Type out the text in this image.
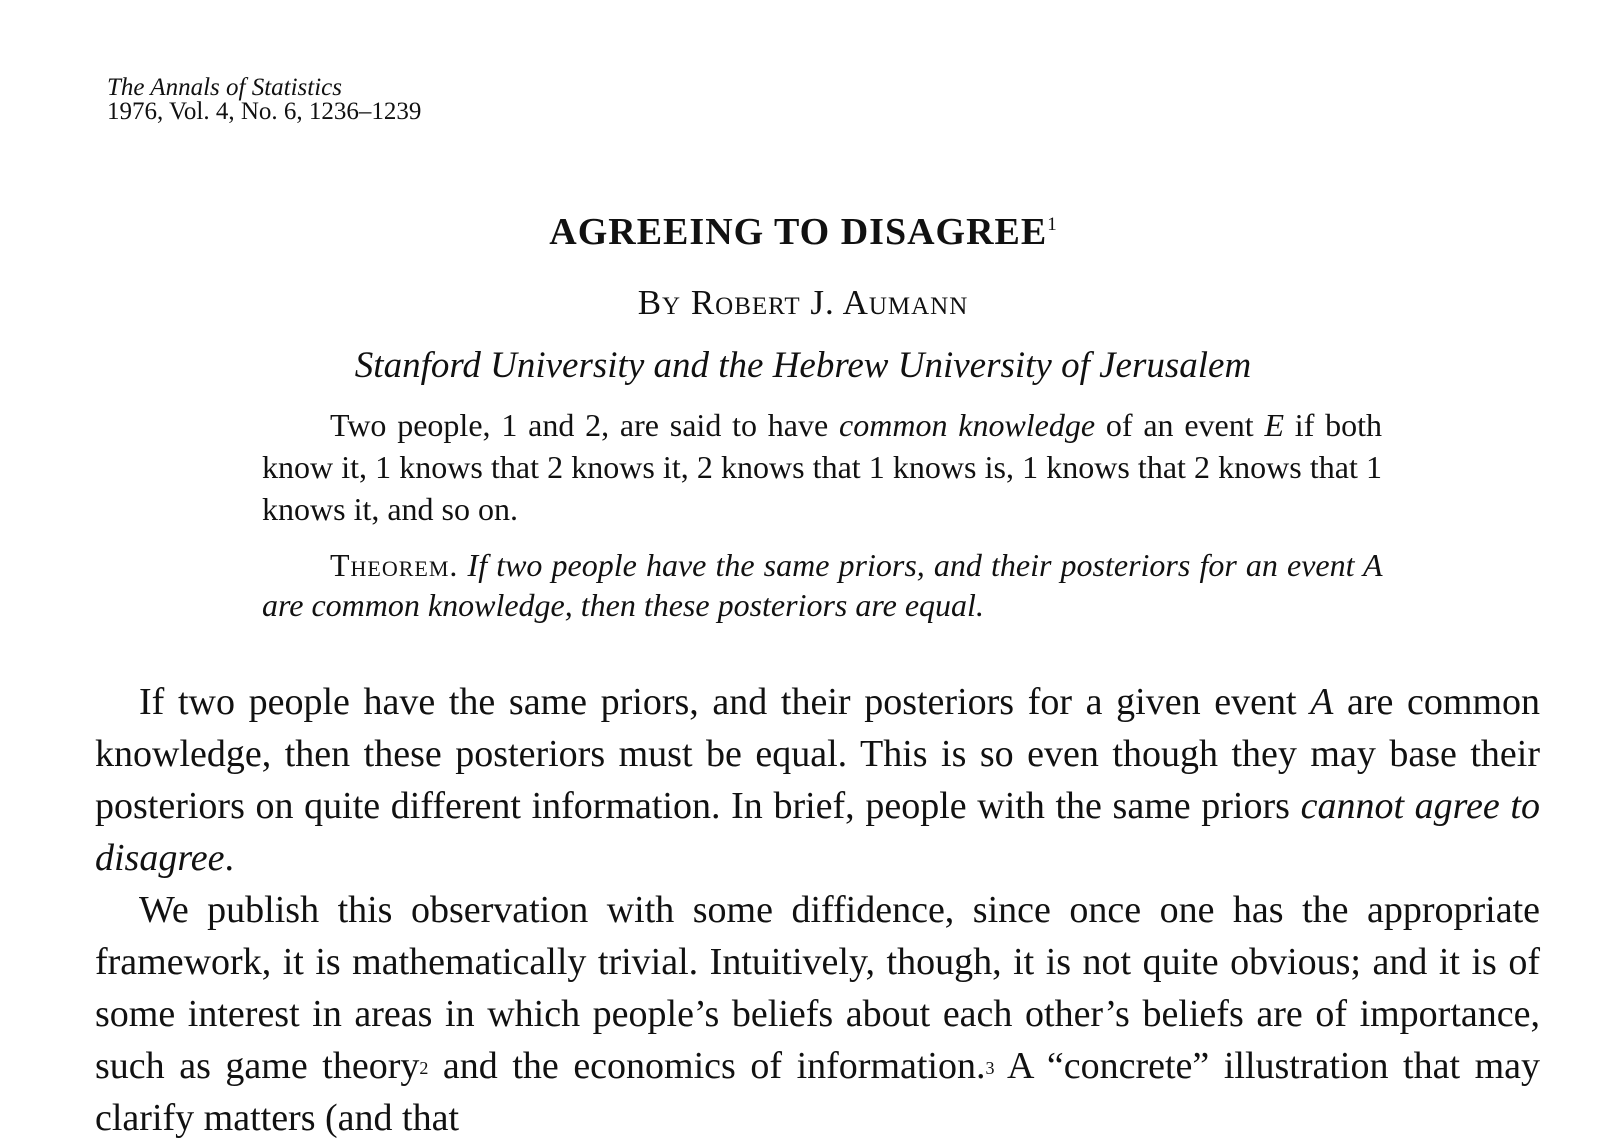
The Annals of Statistics
1976, Vol. 4, No. 6, 1236–1239
AGREEING TO DISAGREE$^1$
By Robert J. Aumann
Stanford University and the Hebrew University of Jerusalem

Two people, 1 and 2, are said to have common knowledge of an event E if both know it, 1 knows that 2 knows it, 2 knows that 1 knows is, 1 knows that 2 knows that 1 knows it, and so on.

Theorem. If two people have the same priors, and their posteriors for an event A are common knowledge, then these posteriors are equal.

If two people have the same priors, and their posteriors for a given event A are common knowledge, then these posteriors must be equal. This is so even though they may base their posteriors on quite different information. In brief, people with the same priors cannot agree to disagree.

We publish this observation with some diffidence, since once one has the appropriate framework, it is mathematically trivial. Intuitively, though, it is not quite obvious; and it is of some interest in areas in which people’s beliefs about each other’s beliefs are of importance, such as game theory$^2$ and the economics of information.$^3$ A “concrete” illustration that may clarify matters (and that
